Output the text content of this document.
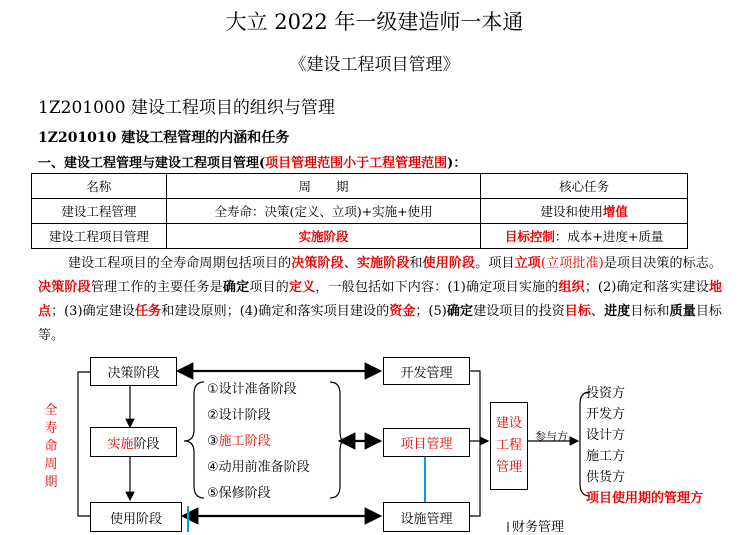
大立 2022 年一级建造师一本通
《建设工程项目管理》
1Z201000 建设工程项目的组织与管理
1Z201010 建设工程管理的内涵和任务
一、建设工程管理与建设工程项目管理(项目管理范围小于工程管理范围)：
名称	周　　期	核心任务
建设工程管理	全寿命：决策(定义、立项)+实施+使用	建设和使用增值
建设工程项目管理	实施阶段	目标控制：成本+进度+质量
建设工程项目的全寿命周期包括项目的决策阶段、实施阶段和使用阶段。项目立项(立项批准)是项目决策的标志。决策阶段管理工作的主要任务是确定项目的定义，一般包括如下内容：(1)确定项目实施的组织；(2)确定和落实建设地点；(3)确定建设任务和建设原则；(4)确定和落实项目建设的资金；(5)确定建设项目的投资目标、进度目标和质量目标等。
全
寿
命
周
期
决策阶段
实施 阶段
使用阶段
①设计准备阶段
②设计阶段
③施工阶段
④动用前准备阶段
⑤保修阶段
开发管理
项目管理
设施管理
建设
工程
管理
参与方
投资方
开发方
设计方
施工方
供货方
项目使用期的管理方
财务管理
